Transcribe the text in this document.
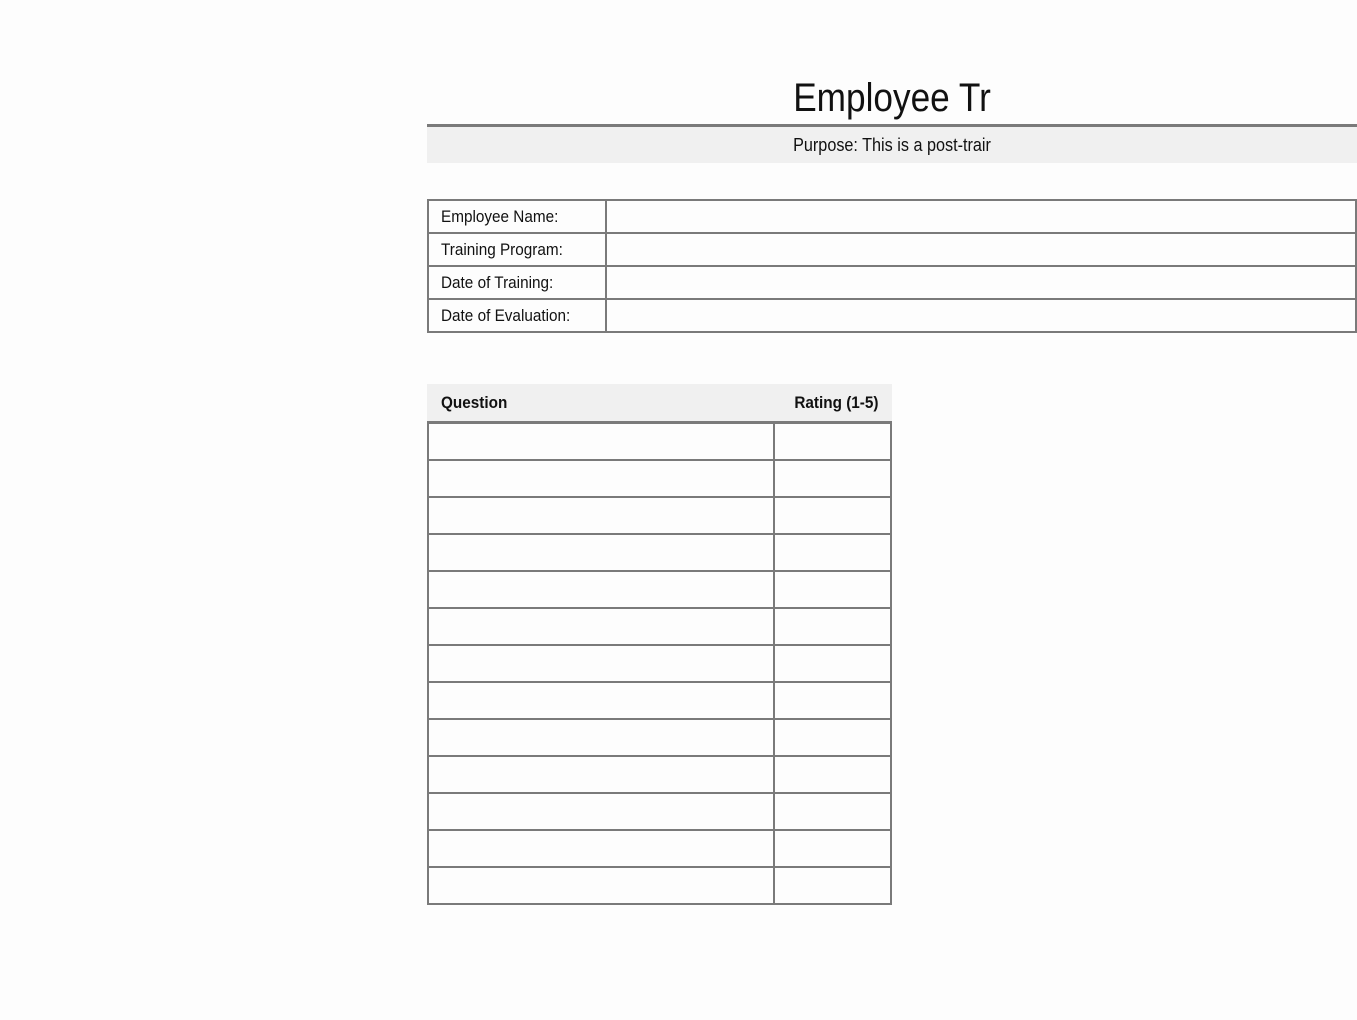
Employee Tr
Purpose: This is a post-trair
Employee Name:	
Training Program:	
Date of Training:	
Date of Evaluation:	
Question	Rating (1-5)
